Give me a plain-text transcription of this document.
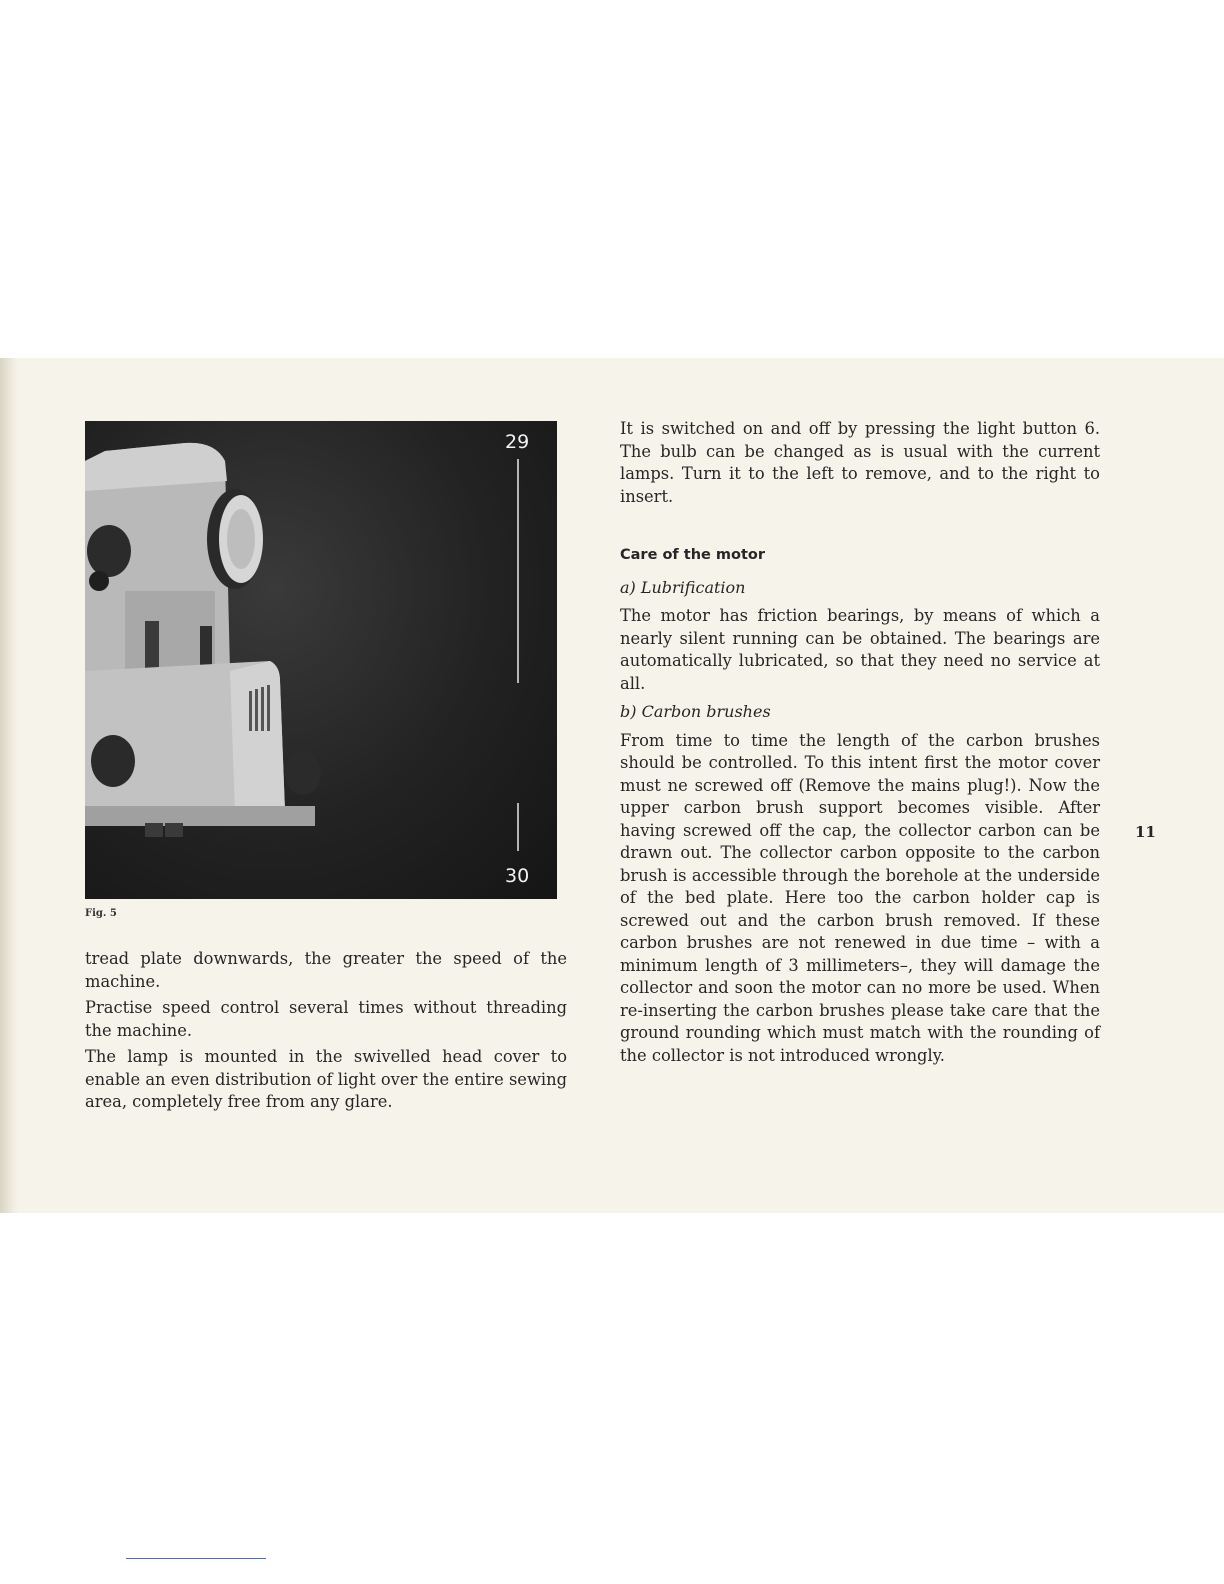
29
30
Fig. 5

tread plate downwards, the greater the speed of the machine.

Practise speed control several times without threading the machine.

The lamp is mounted in the swivelled head cover to enable an even distribution of light over the entire sewing area, completely free from any glare.

It is switched on and off by pressing the light button 6. The bulb can be changed as is usual with the current lamps. Turn it to the left to remove, and to the right to insert.

Care of the motor

a) Lubrification

The motor has friction bearings, by means of which a nearly silent running can be obtained. The bearings are automatically lubricated, so that they need no service at all.

b) Carbon brushes

From time to time the length of the carbon brushes should be controlled. To this intent first the motor cover must ne screwed off (Remove the mains plug!). Now the upper carbon brush support becomes visible. After having screwed off the cap, the collector carbon can be drawn out. The collector carbon opposite to the carbon brush is accessible through the borehole at the underside of the bed plate. Here too the carbon holder cap is screwed out and the carbon brush removed. If these carbon brushes are not renewed in due time – with a minimum length of 3 millimeters–, they will damage the collector and soon the motor can no more be used. When re-inserting the carbon brushes please take care that the ground rounding which must match with the rounding of the collector is not introduced wrongly.

11
